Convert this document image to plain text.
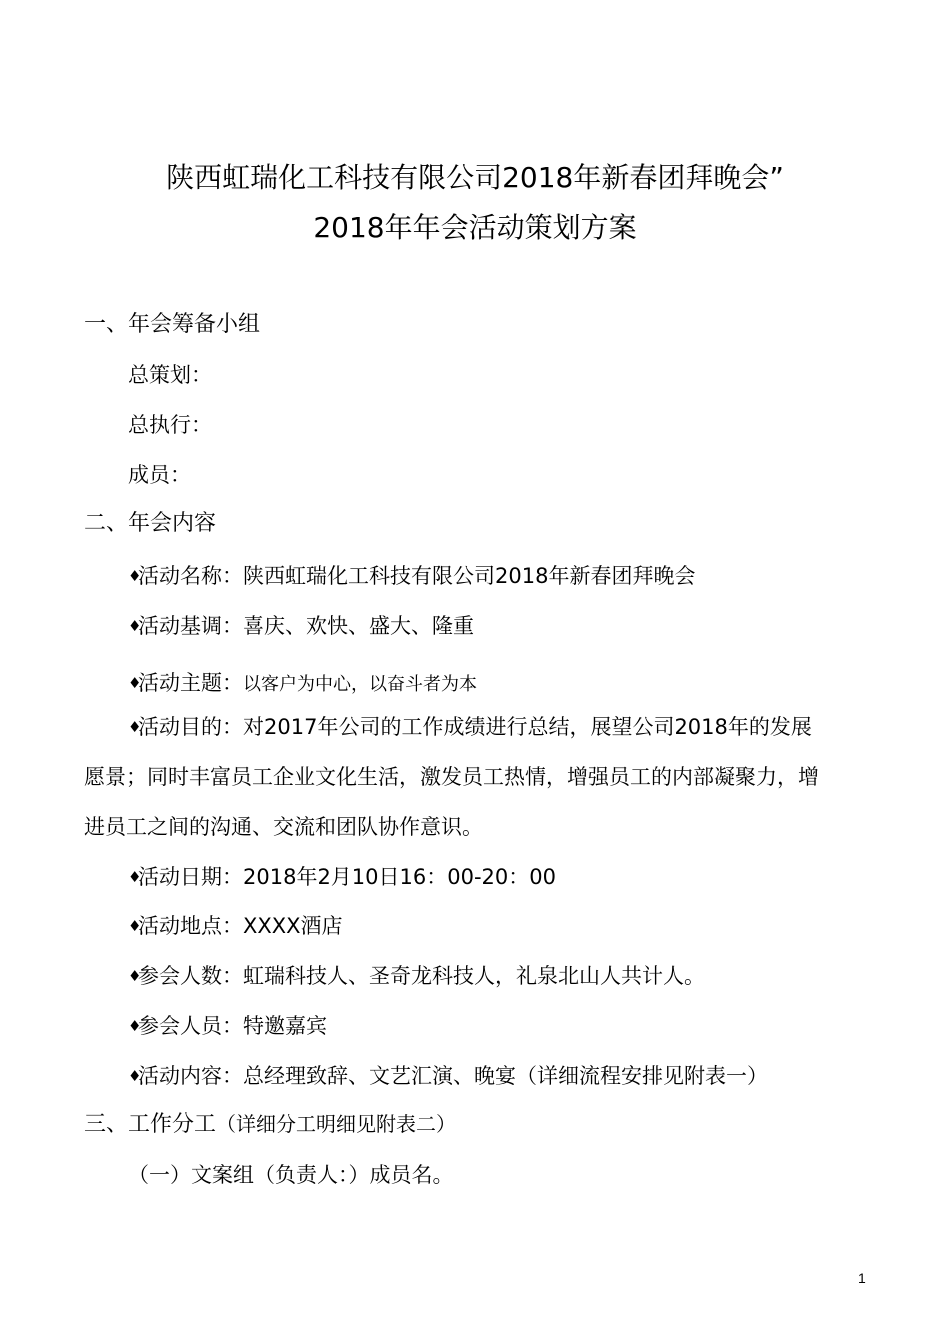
陕西虹瑞化工科技有限公司2018年新春团拜晚会”
2018年年会活动策划方案
一、年会筹备小组
总策划：
总执行：
成员：
二、年会内容
♦活动名称：陕西虹瑞化工科技有限公司2018年新春团拜晚会
♦活动基调：喜庆、欢快、盛大、隆重
♦活动主题：以客户为中心，以奋斗者为本
♦活动目的：对2017年公司的工作成绩进行总结，展望公司2018年的发展
愿景；同时丰富员工企业文化生活，激发员工热情，增强员工的内部凝聚力，增
进员工之间的沟通、交流和团队协作意识。
♦活动日期：2018年2月10日16：00-20：00
♦活动地点：XXXX酒店
♦参会人数：虹瑞科技人、圣奇龙科技人，礼泉北山人共计人。
♦参会人员：特邀嘉宾
♦活动内容：总经理致辞、文艺汇演、晚宴（详细流程安排见附表一）
三、工作分工（详细分工明细见附表二）
（一）文案组（负责人：）成员名。
1
